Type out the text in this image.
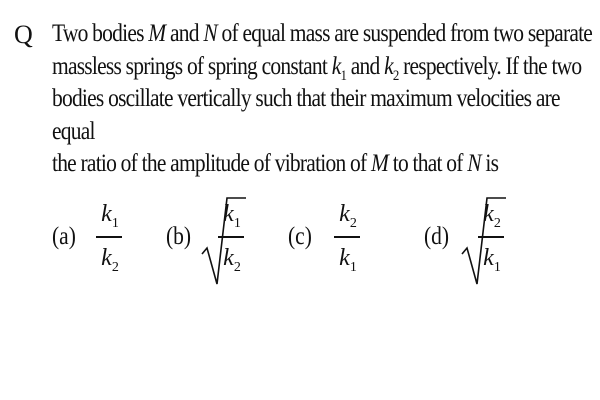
Q Two bodies M and N of equal mass are suspended from two separate
massless springs of spring constant $k_1$ and $k_2$ respectively. If the two
bodies oscillate vertically such that their maximum velocities are equal
the ratio of the amplitude of vibration of M to that of N is
(a)
$k_1$
$k_2$
(b)
$k_1$
$k_2$
(c)
$k_2$
$k_1$
(d)
$k_2$
$k_1$
